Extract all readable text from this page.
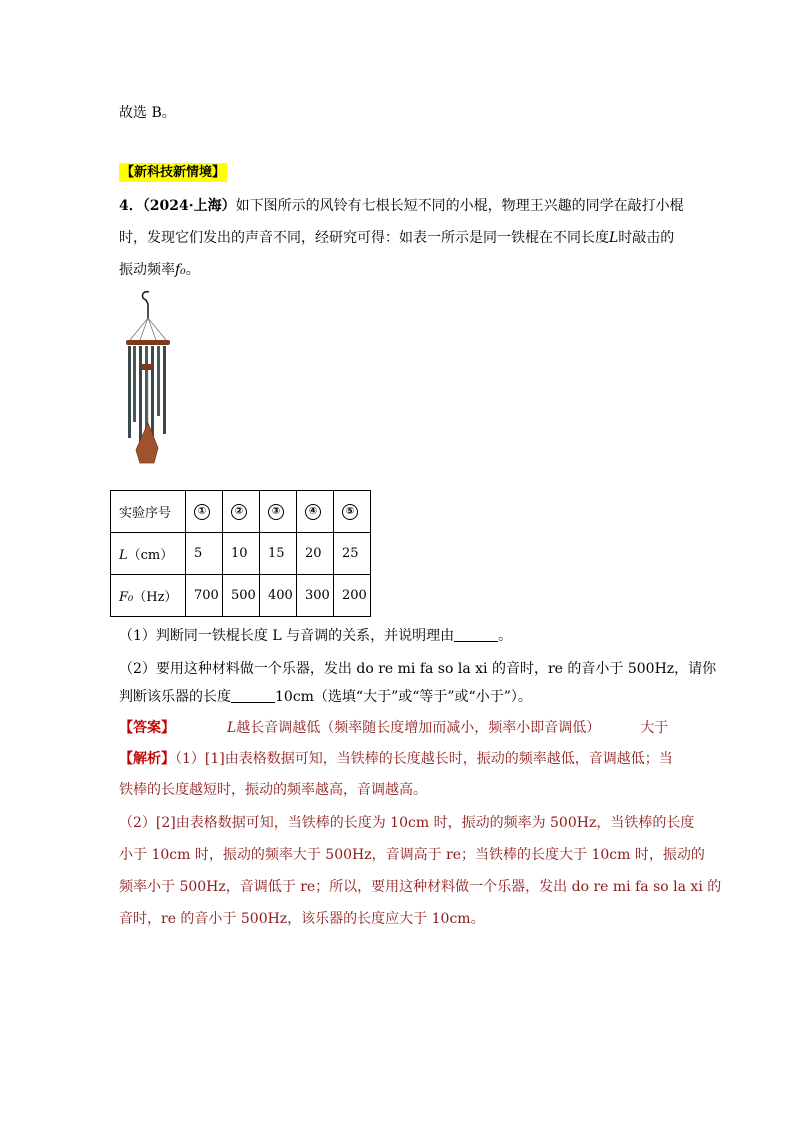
故选 B。
【新科技新情境】
4．（2024·上海）如下图所示的风铃有七根长短不同的小棍，物理王兴趣的同学在敲打小棍
时，发现它们发出的声音不同，经研究可得：如表一所示是同一铁棍在不同长度L时敲击的
振动频率f₀。
实验序号	①	②	③	④	⑤
L（cm）	5	10	15	20	25
F₀（Hz）	700	500	400	300	200
（1）判断同一铁棍长度 L 与音调的关系，并说明理由	。
（2）要用这种材料做一个乐器，发出 do re mi fa so la xi 的音时，re 的音小于 500Hz，请你
判断该乐器的长度	10cm（选填“大于”或“等于”或“小于”）。
【答案】	L越长音调越低（频率随长度增加而减小，频率小即音调低）	大于
【解析】（1）[1]由表格数据可知，当铁棒的长度越长时，振动的频率越低，音调越低；当
铁棒的长度越短时，振动的频率越高，音调越高。
（2）[2]由表格数据可知，当铁棒的长度为 10cm 时，振动的频率为 500Hz，当铁棒的长度
小于 10cm 时，振动的频率大于 500Hz，音调高于 re；当铁棒的长度大于 10cm 时，振动的
频率小于 500Hz，音调低于 re；所以，要用这种材料做一个乐器，发出 do re mi fa so la xi 的
音时，re 的音小于 500Hz，该乐器的长度应大于 10cm。
